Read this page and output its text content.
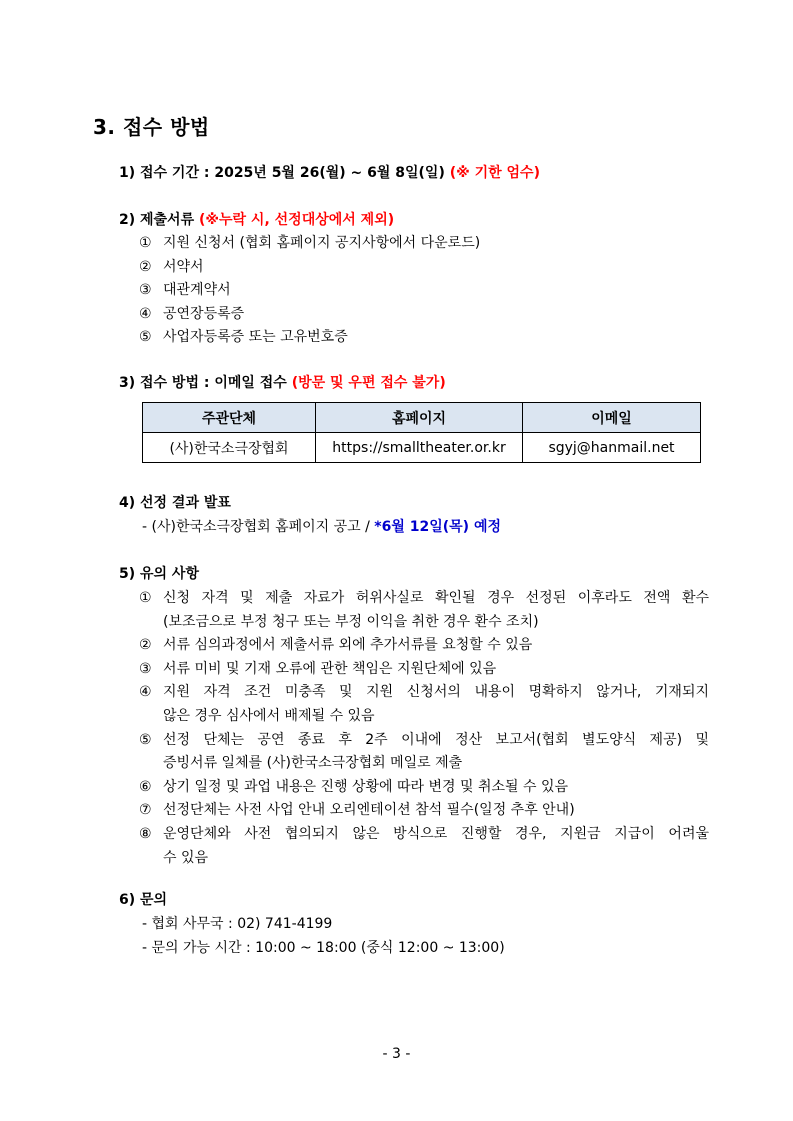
3. 접수 방법
1) 접수 기간 : 2025년 5월 26(월) ~ 6월 8일(일) (※ 기한 엄수)
2) 제출서류 (※누락 시, 선정대상에서 제외)
① 지원 신청서 (협회 홈페이지 공지사항에서 다운로드)
② 서약서
③ 대관계약서
④ 공연장등록증
⑤ 사업자등록증 또는 고유번호증
3) 접수 방법 : 이메일 접수 (방문 및 우편 접수 불가)
주관단체	홈페이지	이메일
(사)한국소극장협회	https://smalltheater.or.kr	sgyj@hanmail.net
4) 선정 결과 발표
- (사)한국소극장협회 홈페이지 공고 / *6월 12일(목) 예정
5) 유의 사항
① 신청 자격 및 제출 자료가 허위사실로 확인될 경우 선정된 이후라도 전액 환수
(보조금으로 부정 청구 또는 부정 이익을 취한 경우 환수 조치)
② 서류 심의과정에서 제출서류 외에 추가서류를 요청할 수 있음
③ 서류 미비 및 기재 오류에 관한 책임은 지원단체에 있음
④ 지원 자격 조건 미충족 및 지원 신청서의 내용이 명확하지 않거나, 기재되지
않은 경우 심사에서 배제될 수 있음
⑤ 선정 단체는 공연 종료 후 2주 이내에 정산 보고서(협회 별도양식 제공) 및
증빙서류 일체를 (사)한국소극장협회 메일로 제출
⑥ 상기 일정 및 과업 내용은 진행 상황에 따라 변경 및 취소될 수 있음
⑦ 선정단체는 사전 사업 안내 오리엔테이션 참석 필수(일정 추후 안내)
⑧ 운영단체와 사전 협의되지 않은 방식으로 진행할 경우, 지원금 지급이 어려울
수 있음
6) 문의
- 협회 사무국 : 02) 741-4199
- 문의 가능 시간 : 10:00 ~ 18:00 (중식 12:00 ~ 13:00)
- 3 -
